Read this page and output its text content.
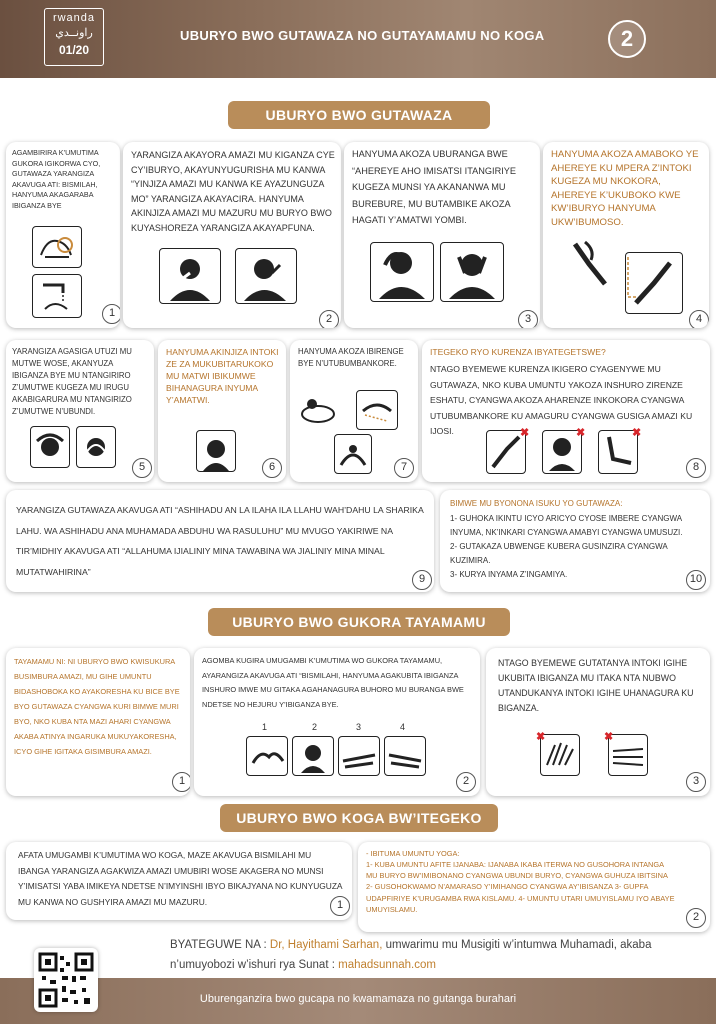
rwanda
راونــدي
01/20
UBURYO BWO GUTAWAZA NO GUTAYAMAMU NO KOGA	2
UBURYO BWO GUTAWAZA

AGAMBIRIRA K’UMUTIMA GUKORA IGIKORWA CYO, GUTAWAZA YARANGIZA AKAVUGA ATI: BISMILAH, HANYUMA AKAGARABA IBIGANZA BYE

1

YARANGIZA AKAYORA AMAZI MU KIGANZA CYE CY’IBURYO, AKAYUNYUGURISHA MU KANWA “YINJIZA AMAZI MU KANWA KE AYAZUNGUZA MO” YARANGIZA AKAYACIRA. HANYUMA AKINJIZA AMAZI MU MAZURU MU BURYO BWO KUYASHOREZA YARANGIZA AKAYAPFUNA.

2

HANYUMA AKOZA UBURANGA BWE “AHEREYE AHO IMISATSI ITANGIRIYE KUGEZA MUNSI YA AKANANWA MU BUREBURE, MU BUTAMBIKE AKOZA HAGATI Y’AMATWI YOMBI.

3

HANYUMA AKOZA AMABOKO YE AHEREYE KU MPERA Z’INTOKI KUGEZA MU NKOKORA, AHEREYE K’UKUBOKO KWE KW’IBURYO HANYUMA UKW’IBUMOSO.

4

YARANGIZA AGASIGA UTUZI MU MUTWE WOSE, AKANYUZA IBIGANZA BYE MU NTANGIRIRO Z’UMUTWE KUGEZA MU IRUGU AKABIGARURA MU NTANGIRIZO Z’UMUTWE N’UBUNDI.

5

HANYUMA AKINJIZA INTOKI ZE ZA MUKUBITARUKOKO MU MATWI IBIKUMWE BIHANAGURA INYUMA Y’AMATWI.

6

HANYUMA AKOZA IBIRENGE BYE N’UTUBUMBANKORE.

7

ITEGEKO RYO KURENZA IBYATEGETSWE?

NTAGO BYEMEWE KURENZA IKIGERO CYAGENYWE MU GUTAWAZA, NKO KUBA UMUNTU YAKOZA INSHURO ZIRENZE ESHATU, CYANGWA AKOZA AHARENZE INKOKORA CYANGWA UTUBUMBANKORE KU AMAGURU CYANGWA GUSIGA AMAZI KU IJOSI.	✖	✖	✖
8

YARANGIZA GUTAWAZA AKAVUGA ATI “ASHIHADU AN LA ILAHA ILA LLAHU WAH’DAHU LA SHARIKA LAHU. WA ASHIHADU ANA MUHAMADA ABDUHU WA RASULUHU” MU MVUGO YAKIRIWE NA TIR’MIDHIY AKAVUGA ATI “ALLAHUMA IJIALINIY MINA TAWABINA WA JIALINIY MINA MINAL MUTATWAHIRINA”

9

BIMWE MU BYONONA ISUKU YO GUTAWAZA:

1- GUHOKA IKINTU ICYO ARICYO CYOSE IMBERE CYANGWA INYUMA, NK’INKARI CYANGWA AMABYI CYANGWA UMUSUZI.

2- GUTAKAZA UBWENGE KUBERA GUSINZIRA CYANGWA KUZIMIRA.

3- KURYA INYAMA Z’INGAMIYA.	10
UBURYO BWO GUKORA TAYAMAMU

TAYAMAMU NI: NI UBURYO BWO KWISUKURA BUSIMBURA AMAZI, MU GIHE UMUNTU BIDASHOBOKA KO AYAKORESHA KU BICE BYE BYO GUTAWAZA CYANGWA KURI BIMWE MURI BYO, NKO KUBA NTA MAZI AHARI CYANGWA AKABA ATINYA INGARUKA MUKUYAKORESHA, ICYO GIHE IGITAKA GISIMBURA AMAZI.

1

AGOMBA KUGIRA UMUGAMBI K’UMUTIMA WO GUKORA TAYAMAMU, AYARANGIZA AKAVUGA ATI “BISMILAHI, HANYUMA AGAKUBITA IBIGANZA INSHURO IMWE MU GITAKA AGAHANAGURA BUHORO MU BURANGA BWE NDETSE NO HEJURU Y’IBIGANZA BYE.

1	2	3	4
2

NTAGO BYEMEWE GUTATANYA INTOKI IGIHE UKUBITA IBIGANZA MU ITAKA NTA NUBWO UTANDUKANYA INTOKI IGIHE UHANAGURA KU BIGANZA.

✖	✖
3
UBURYO BWO KOGA BW’ITEGEKO

AFATA UMUGAMBI K’UMUTIMA WO KOGA, MAZE AKAVUGA BISMILAHI MU IBANGA YARANGIZA AGAKWIZA AMAZI UMUBIRI WOSE AKAGERA NO MUNSI Y’IMISATSI YABA IMIKEYA NDETSE N’IMYINSHI IBYO BIKAJYANA NO KUNYUGUZA MU KANWA NO GUSHYIRA AMAZI MU MAZURU.	1

- IBITUMA UMUNTU YOGA:

1- KUBA UMUNTU AFITE IJANABA: IJANABA IKABA ITERWA NO GUSOHORA INTANGA MU BURYO BW’IMIBONANO CYANGWA UBUNDI BURYO, CYANGWA GUHUZA IBITSINA 2- GUSOHOKWAMO N’AMARASO Y’IMIHANGO CYANGWA AY’IBISANZA 3- GUPFA UDAPFIRIYE K’URUGAMBA RWA KISLAMU. 4- UMUNTU UTARI UMUYISLAMU IYO ABAYE UMUYISLAMU.

2
BYATEGUWE NA : Dr, Hayithami Sarhan, umwarimu mu Musigiti w’intumwa Muhamadi, akaba n’umuyobozi w’ishuri rya Sunat : mahadsunnah.com
Uburenganzira bwo gucapa no kwamamaza no gutanga burahari
